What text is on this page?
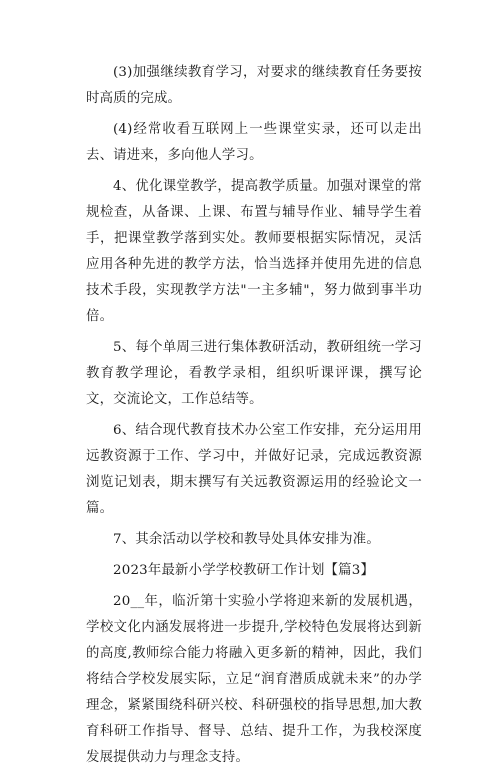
(3)加强继续教育学习，对要求的继续教育任务要按时高质的完成。

(4)经常收看互联网上一些课堂实录，还可以走出去、请进来，多向他人学习。

4、优化课堂教学，提高教学质量。加强对课堂的常规检查，从备课、上课、布置与辅导作业、辅导学生着手，把课堂教学落到实处。教师要根据实际情况，灵活应用各种先进的教学方法，恰当选择并使用先进的信息技术手段，实现教学方法"一主多辅"，努力做到事半功倍。

5、每个单周三进行集体教研活动，教研组统一学习教育教学理论，看教学录相，组织听课评课，撰写论文，交流论文，工作总结等。

6、结合现代教育技术办公室工作安排，充分运用用远教资源于工作、学习中，并做好记录，完成远教资源浏览记划表，期末撰写有关远教资源运用的经验论文一篇。

7、其余活动以学校和教导处具体安排为准。

2023年最新小学学校教研工作计划【篇3】

20__年，临沂第十实验小学将迎来新的发展机遇，学校文化内涵发展将进一步提升,学校特色发展将达到新的高度,教师综合能力将融入更多新的精神，因此，我们将结合学校发展实际，立足“润育潜质成就未来”的办学理念，紧紧围绕科研兴校、科研强校的指导思想,加大教育科研工作指导、督导、总结、提升工作，为我校深度发展提供动力与理念支持。
